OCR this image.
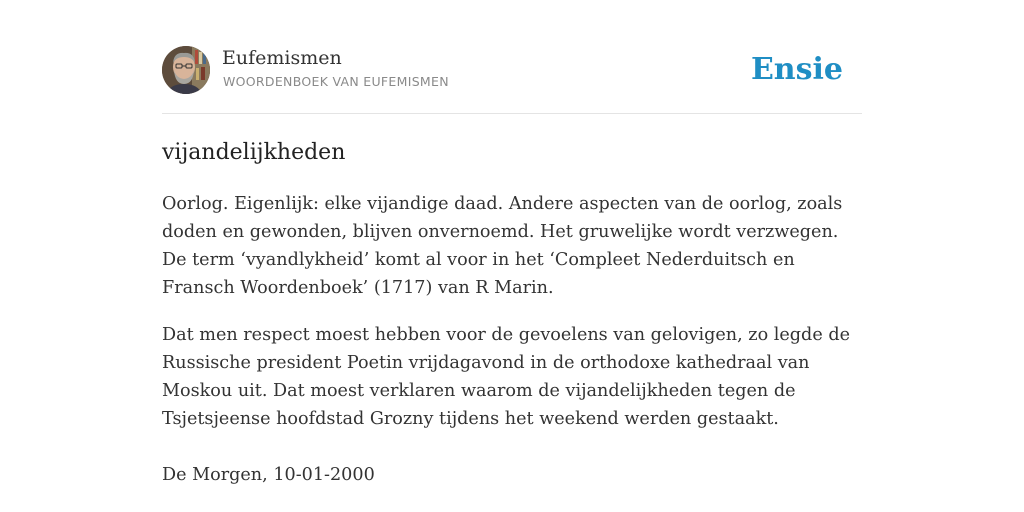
Eufemismen
WOORDENBOEK VAN EUFEMISMEN	Ensie
vijandelijkheden

Oorlog. Eigenlijk: elke vijandige daad. Andere aspecten van de oorlog, zoals doden en gewonden, blijven onvernoemd. Het gruwelijke wordt verzwegen. De term ‘vyandlykheid’ komt al voor in het ‘Compleet Nederduitsch en Fransch Woordenboek’ (1717) van R Marin.

Dat men respect moest hebben voor de gevoelens van gelovigen, zo legde de Russische president Poetin vrijdagavond in de orthodoxe kathedraal van Moskou uit. Dat moest verklaren waarom de vijandelijkheden tegen de Tsjetsjeense hoofdstad Grozny tijdens het weekend werden gestaakt.

De Morgen, 10-01-2000
